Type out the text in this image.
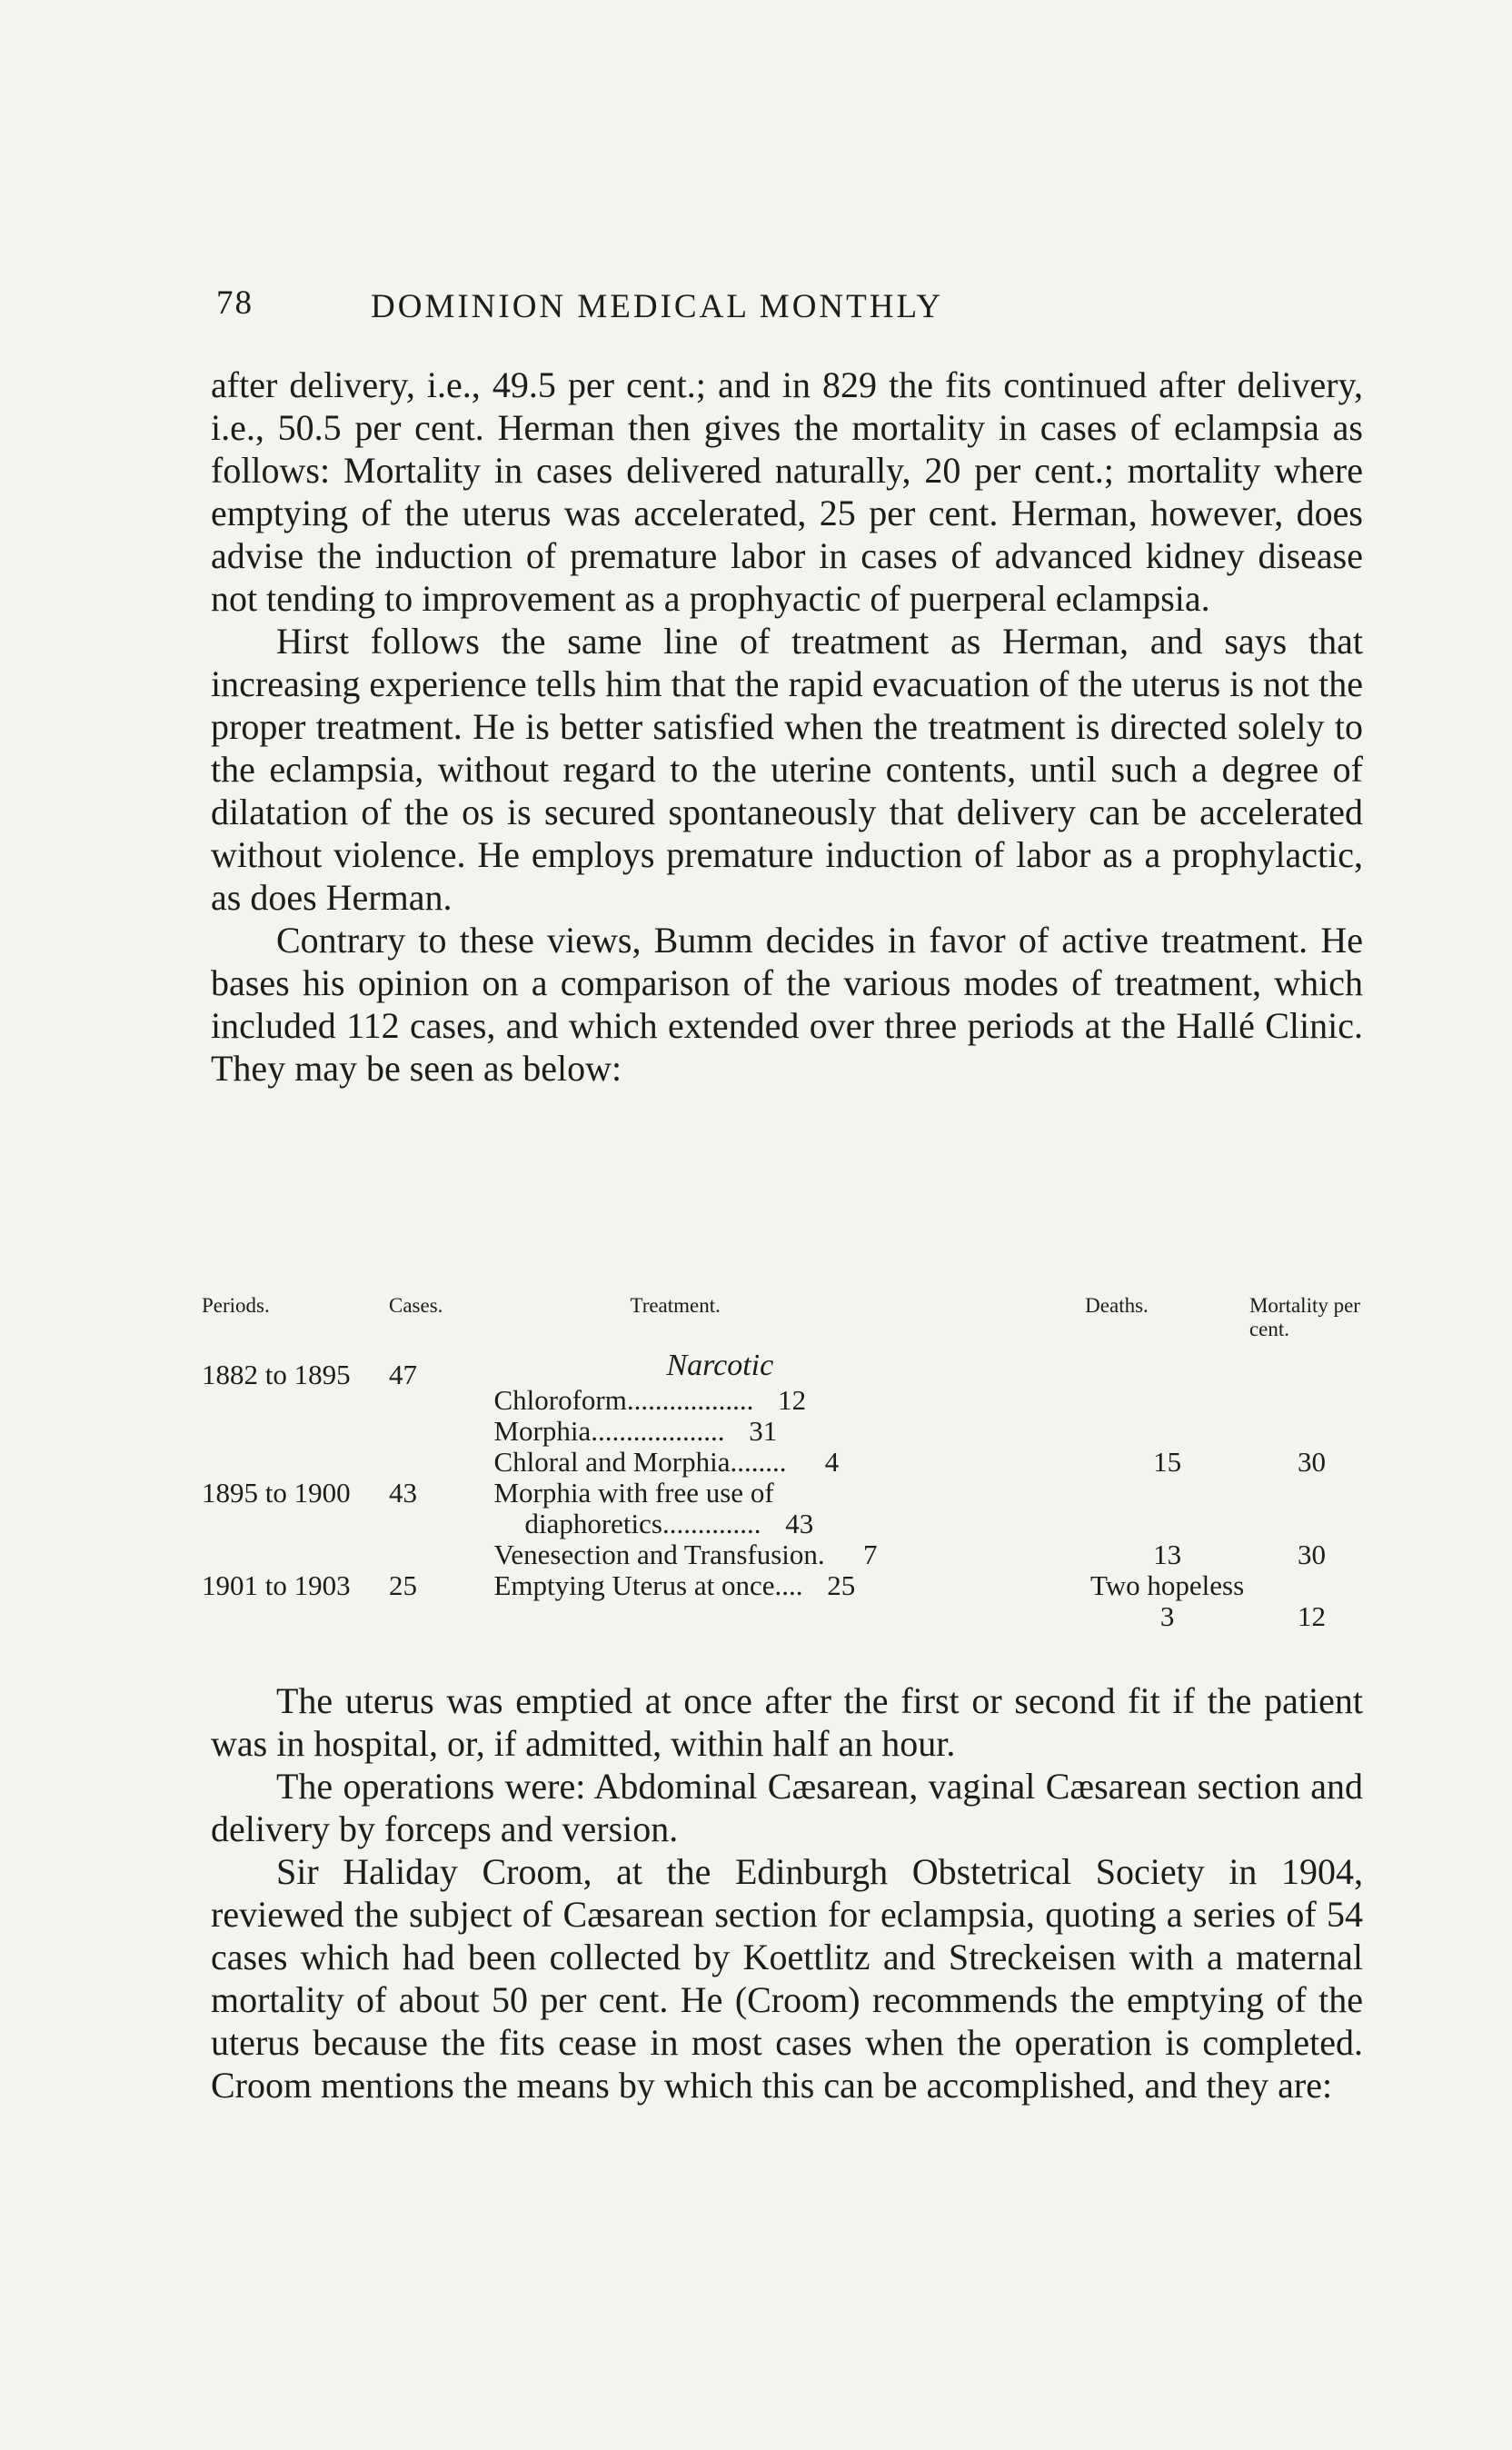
78	DOMINION MEDICAL MONTHLY

after delivery, i.e., 49.5 per cent.; and in 829 the fits continued after delivery, i.e., 50.5 per cent. Herman then gives the mortality in cases of eclampsia as follows: Mortality in cases delivered naturally, 20 per cent.; mortality where emptying of the uterus was accelerated, 25 per cent. Herman, however, does advise the induction of premature labor in cases of advanced kidney disease not tending to improvement as a prophyactic of puerperal eclampsia.

Hirst follows the same line of treatment as Herman, and says that increasing experience tells him that the rapid evacuation of the uterus is not the proper treatment. He is better satisfied when the treatment is directed solely to the eclampsia, without regard to the uterine contents, until such a degree of dilatation of the os is secured spontaneously that delivery can be accelerated without violence. He employs premature induction of labor as a prophylactic, as does Herman.

Contrary to these views, Bumm decides in favor of active treatment. He bases his opinion on a comparison of the various modes of treatment, which included 112 cases, and which extended over three periods at the Hallé Clinic. They may be seen as below:

Periods.	Cases.	Treatment.	Deaths.	Mortality per cent.
1882 to 1895	47	Narcotic
Chloroform.................. 12
Morphia................... 31
Chloral and Morphia........ 4	15	30
1895 to 1900	43	Morphia with free use of
diaphoretics.............. 43
Venesection and Transfusion. 7	13	30
1901 to 1903	25	Emptying Uterus at once.... 25	Two hopeless
3	12

The uterus was emptied at once after the first or second fit if the patient was in hospital, or, if admitted, within half an hour.

The operations were: Abdominal Cæsarean, vaginal Cæsarean section and delivery by forceps and version.

Sir Haliday Croom, at the Edinburgh Obstetrical Society in 1904, reviewed the subject of Cæsarean section for eclampsia, quoting a series of 54 cases which had been collected by Koettlitz and Streckeisen with a maternal mortality of about 50 per cent. He (Croom) recommends the emptying of the uterus because the fits cease in most cases when the operation is completed. Croom mentions the means by which this can be accomplished, and they are:
